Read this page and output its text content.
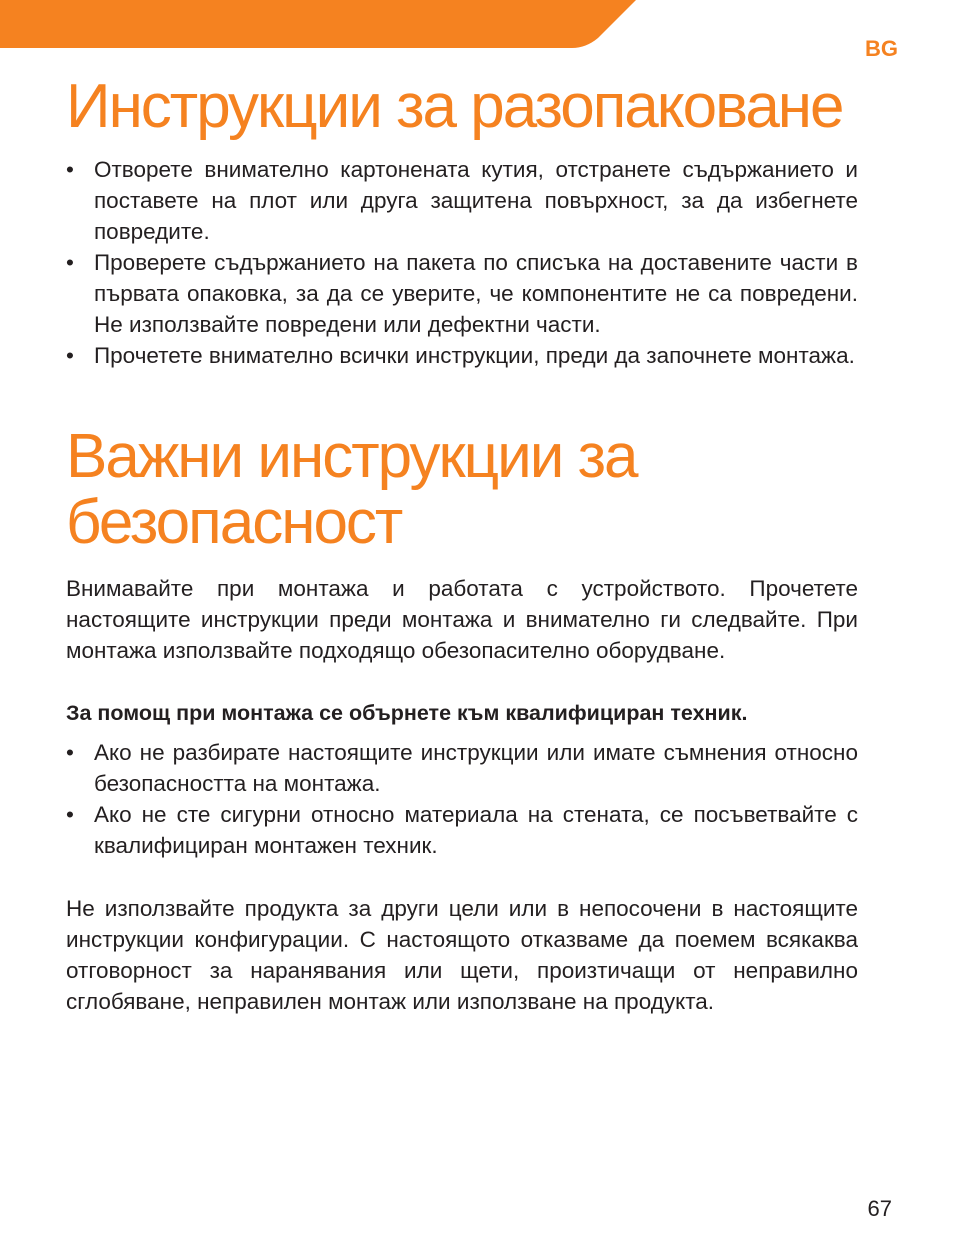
BG
Инструкции за разопаковане
• Отворете внимателно картонената кутия, отстранете съдържанието и поставете на плот или друга защитена повърхност, за да избегнете повредите.
• Проверете съдържанието на пакета по списъка на доставените части в първата опаковка, за да се уверите, че компонентите не са повредени. Не използвайте повредени или дефектни части.
• Прочетете внимателно всички инструкции, преди да започнете монтажа.
Важни инструкции за безопасност

Внимавайте при монтажа и работата с устройството. Прочетете настоящите инструкции преди монтажа и внимателно ги следвайте. При монтажа използвайте подходящо обезопасително оборудване.

За помощ при монтажа се обърнете към квалифициран техник.

• Ако не разбирате настоящите инструкции или имате съмнения относно безопасността на монтажа.
• Ако не сте сигурни относно материала на стената, се посъветвайте с квалифициран монтажен техник.

Не използвайте продукта за други цели или в непосочени в настоящите инструкции конфигурации. С настоящото отказваме да поемем всякаква отговорност за наранявания или щети, произтичащи от неправилно сглобяване, неправилен монтаж или използване на продукта.

67
